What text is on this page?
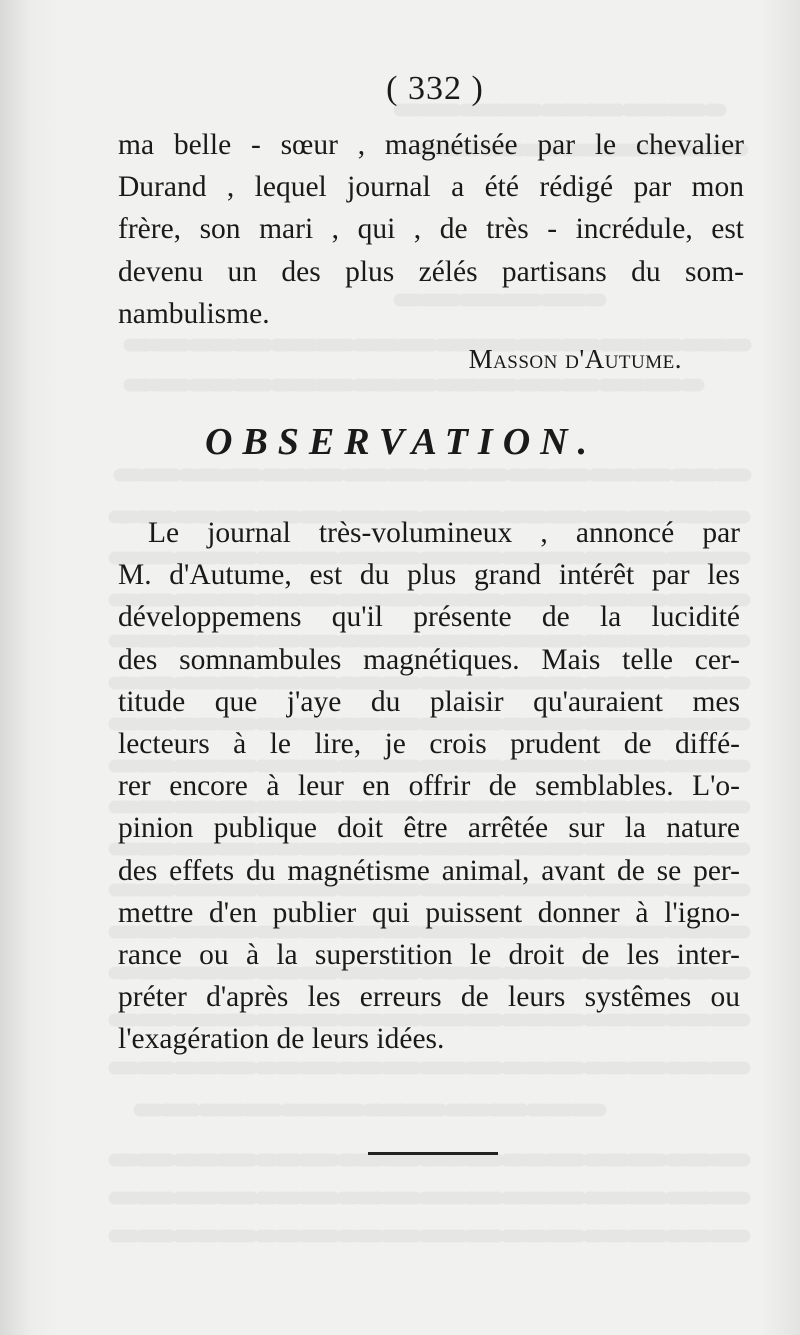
( 332 )
ma belle - sœur , magnétisée par le chevalier
Durand , lequel journal a été rédigé par mon
frère, son mari , qui , de très - incrédule, est
devenu un des plus zélés partisans du som-
nambulisme.
Masson d'Autume.
OBSERVATION.
Le journal très-volumineux , annoncé par
M. d'Autume, est du plus grand intérêt par les
développemens qu'il présente de la lucidité
des somnambules magnétiques. Mais telle cer-
titude que j'aye du plaisir qu'auraient mes
lecteurs à le lire, je crois prudent de diffé-
rer encore à leur en offrir de semblables. L'o-
pinion publique doit être arrêtée sur la nature
des effets du magnétisme animal, avant de se per-
mettre d'en publier qui puissent donner à l'igno-
rance ou à la superstition le droit de les inter-
préter d'après les erreurs de leurs systêmes ou
l'exagération de leurs idées.
